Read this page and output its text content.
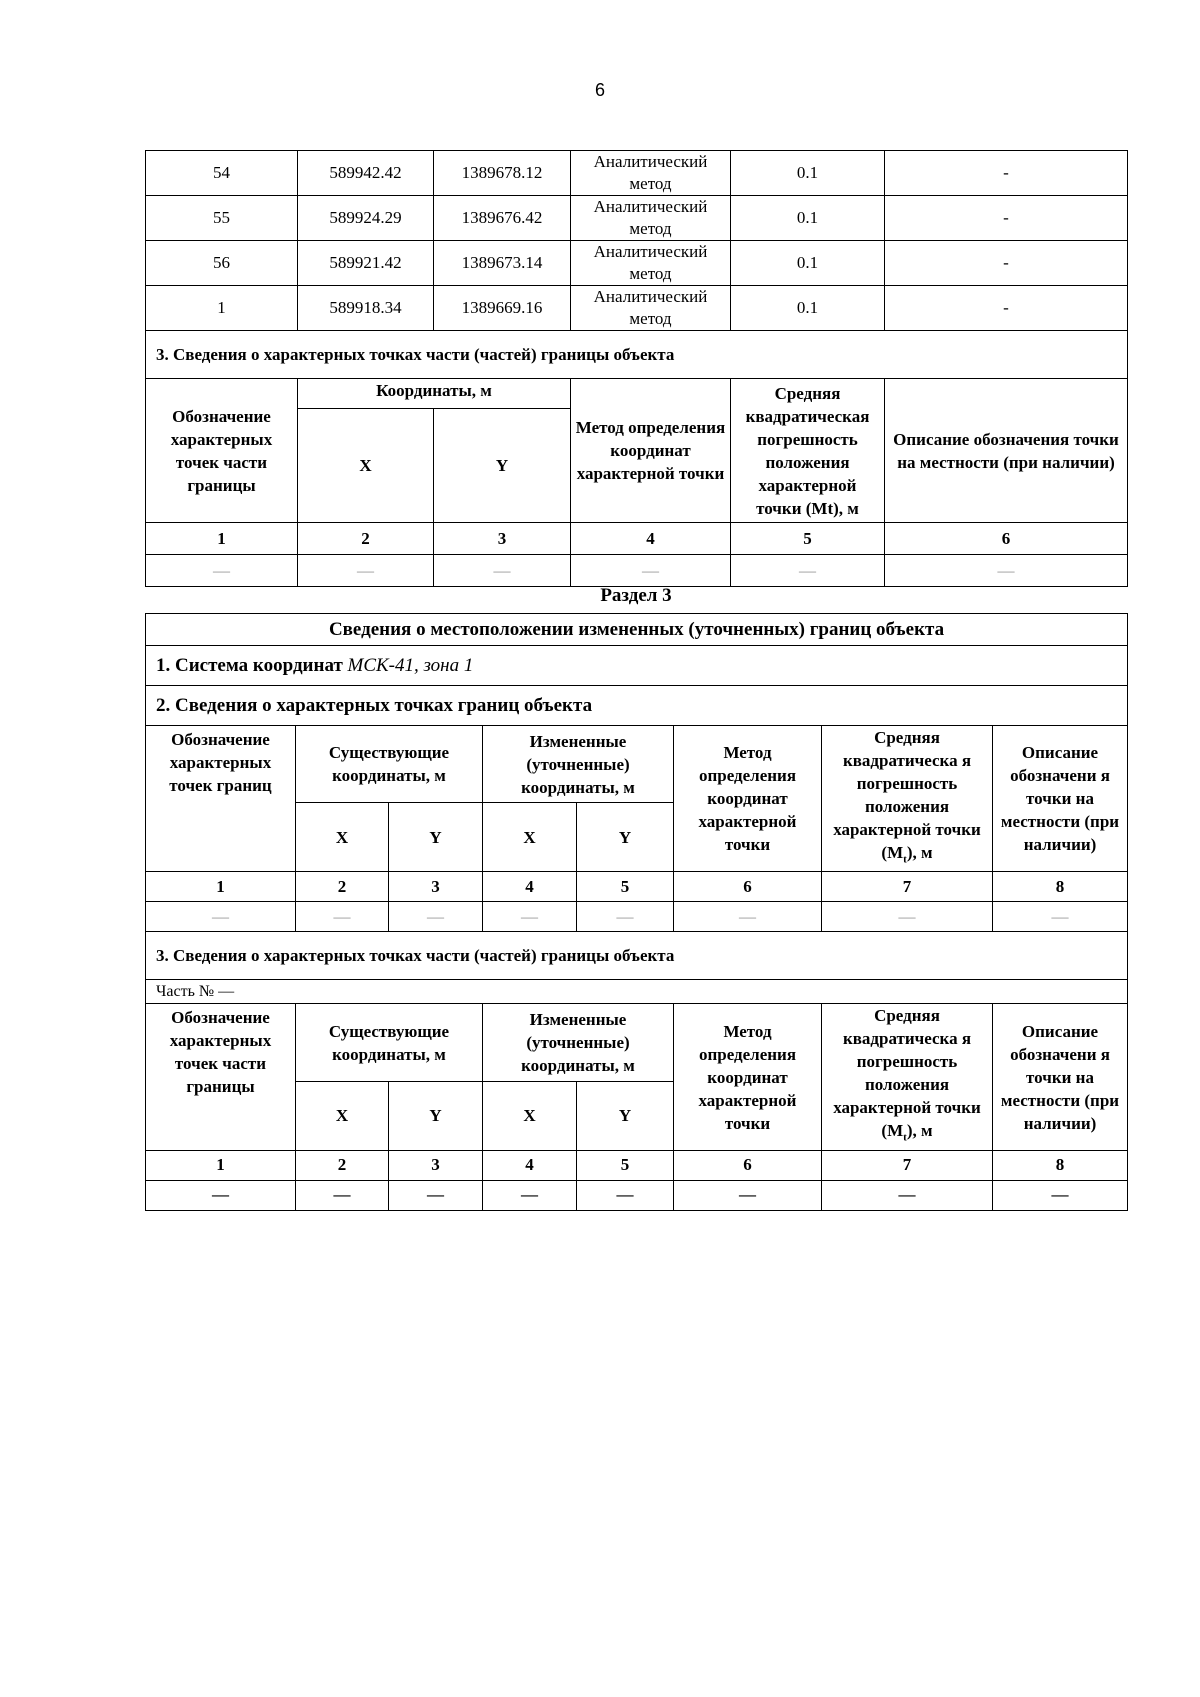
6
54	589942.42	1389678.12	Аналитический метод	0.1	-
55	589924.29	1389676.42	Аналитический метод	0.1	-
56	589921.42	1389673.14	Аналитический метод	0.1	-
1	589918.34	1389669.16	Аналитический метод	0.1	-
3. Сведения о характерных точках части (частей) границы объекта					
Обозначение характерных точек части границы	Координаты, м		Метод определения координат характерной точки	Средняя квадратическая погрешность положения характерной точки (Mt), м	Описание обозначения точки на местности (при наличии)
	X	Y			
1	2	3	4	5	6
—	—	—	—	—	—
Раздел 3
Сведения о местоположении измененных (уточненных) границ объекта							
1. Система координат МСК-41, зона 1							
2. Сведения о характерных точках границ объекта							
Обозначение характерных точек границ	Существующие координаты, м		Измененные (уточненные) координаты, м		Метод определения координат характерной точки	Средняя квадратическа я погрешность положения характерной точки $(M_t)$, м	Описание обозначени я точки на местности (при наличии)
	X	Y	X	Y			
1	2	3	4	5	6	7	8
—	—	—	—	—	—	—	—
3. Сведения о характерных точках части (частей) границы объекта							
Часть № —							
Обозначение характерных точек части границы	Существующие координаты, м		Измененные (уточненные) координаты, м		Метод определения координат характерной точки	Средняя квадратическа я погрешность положения характерной точки $(M_t)$, м	Описание обозначени я точки на местности (при наличии)
	X	Y	X	Y			
1	2	3	4	5	6	7	8
—	—	—	—	—	—	—	—
